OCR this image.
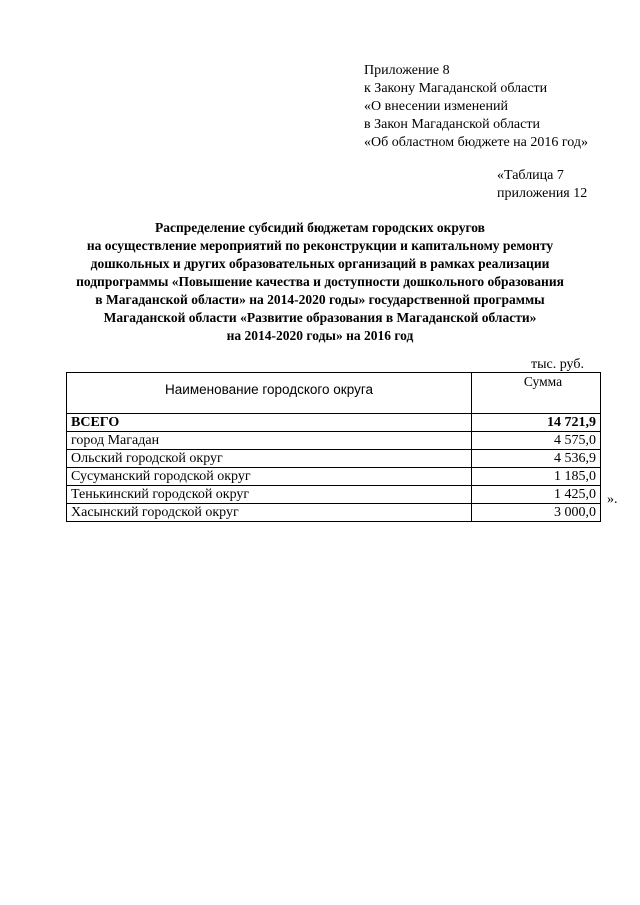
Приложение 8
к Закону Магаданской области
«О внесении изменений
в Закон Магаданской области
«Об областном бюджете на 2016 год»
«Таблица 7
приложения 12
Распределение субсидий бюджетам городских округов
на осуществление мероприятий по реконструкции и капитальному ремонту
дошкольных и других образовательных организаций в рамках реализации
подпрограммы «Повышение качества и доступности дошкольного образования
в Магаданской области» на 2014-2020 годы» государственной программы
Магаданской области «Развитие образования в Магаданской области»
на 2014-2020 годы» на 2016 год
тыс. руб.
Наименование городского округа	Сумма
ВСЕГО	14 721,9
город Магадан	4 575,0
Ольский городской округ	4 536,9
Сусуманский городской округ	1 185,0
Тенькинский городской округ	1 425,0
Хасынский городской округ	3 000,0
».
